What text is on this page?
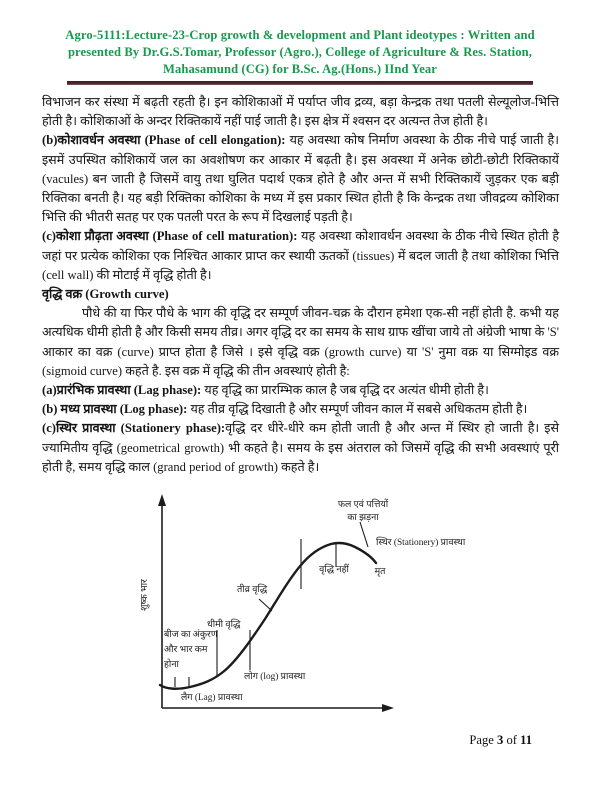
Agro-5111:Lecture-23-Crop growth & development and Plant ideotypes : Written and presented By Dr.G.S.Tomar, Professor (Agro.), College of Agriculture & Res. Station, Mahasamund (CG) for B.Sc. Ag.(Hons.) IInd Year

विभाजन कर संस्था में बढ़ती रहती है। इन कोशिकाओं में पर्याप्त जीव द्रव्य, बड़ा केन्द्रक तथा पतली सेल्यूलोज-भित्ति होती है। कोशिकाओं के अन्दर रिक्तिकायें नहीं पाई जाती है। इस क्षेत्र में श्वसन दर अत्यन्त तेज होती है।

(b)कोशावर्धन अवस्था (Phase of cell elongation): यह अवस्था कोष निर्माण अवस्था के ठीक नीचे पाई जाती है। इसमें उपस्थित कोशिकायें जल का अवशोषण कर आकार में बढ़ती है। इस अवस्था में अनेक छोटी-छोटी रिक्तिकायें (vacules) बन जाती है जिसमें वायु तथा घुलित पदार्थ एकत्र होते है और अन्त में सभी रिक्तिकायें जुड़कर एक बड़ी रिक्तिका बनती है। यह बड़ी रिक्तिका कोशिका के मध्य में इस प्रकार स्थित होती है कि केन्द्रक तथा जीवद्रव्य कोशिका भित्ति की भीतरी सतह पर एक पतली परत के रूप में दिखलाई पड़ती है।

(c)कोशा प्रौढ़ता अवस्था (Phase of cell maturation): यह अवस्था कोशावर्धन अवस्था के ठीक नीचे स्थित होती है जहां पर प्रत्येक कोशिका एक निश्चित आकार प्राप्त कर स्थायी ऊतकों (tissues) में बदल जाती है तथा कोशिका भित्ति (cell wall) की मोटाई में वृद्धि होती है।

वृद्धि वक्र (Growth curve)

पौधे की या फिर पौधे के भाग की वृद्धि दर सम्पूर्ण जीवन-चक्र के दौरान हमेशा एक-सी नहीं होती है. कभी यह अत्यधिक धीमी होती है और किसी समय तीव्र। अगर वृद्धि दर का समय के साथ ग्राफ खींचा जाये तो अंग्रेजी भाषा के 'S' आकार का वक्र (curve) प्राप्त होता है जिसे । इसे वृद्धि वक्र (growth curve) या 'S' नुमा वक्र या सिग्मोइड वक्र (sigmoid curve) कहते है. इस वक्र में वृद्धि की तीन अवस्थाएं होती है:

(a)प्रारंभिक प्रावस्था (Lag phase): यह वृद्धि का प्रारम्भिक काल है जब वृद्धि दर अत्यंत धीमी होती है।

(b) मध्य प्रावस्था (Log phase): यह तीव्र वृद्धि दिखाती है और सम्पूर्ण जीवन काल में सबसे अधिकतम होती है।

(c)स्थिर प्रावस्था (Stationery phase):वृद्धि दर धीरे-धीरे कम होती जाती है और अन्त में स्थिर हो जाती है। इसे ज्यामितीय वृद्धि (geometrical growth) भी कहते है। समय के इस अंतराल को जिसमें वृद्धि की सभी अवस्थाएं पूरी होती है, समय वृद्धि काल (grand period of growth) कहते है।

फल एवं पत्तियों
का झड़ना
स्थिर (Stationery) प्रावस्था
वृद्धि नहीं	मृत
तीव्र वृद्धि
धीमी वृद्धि
बीज का अंकुरण
और भार कम
होना
लोग (log) प्रावस्था
लैग (Lag) प्रावस्था
शुष्क भार
Page 3 of 11
